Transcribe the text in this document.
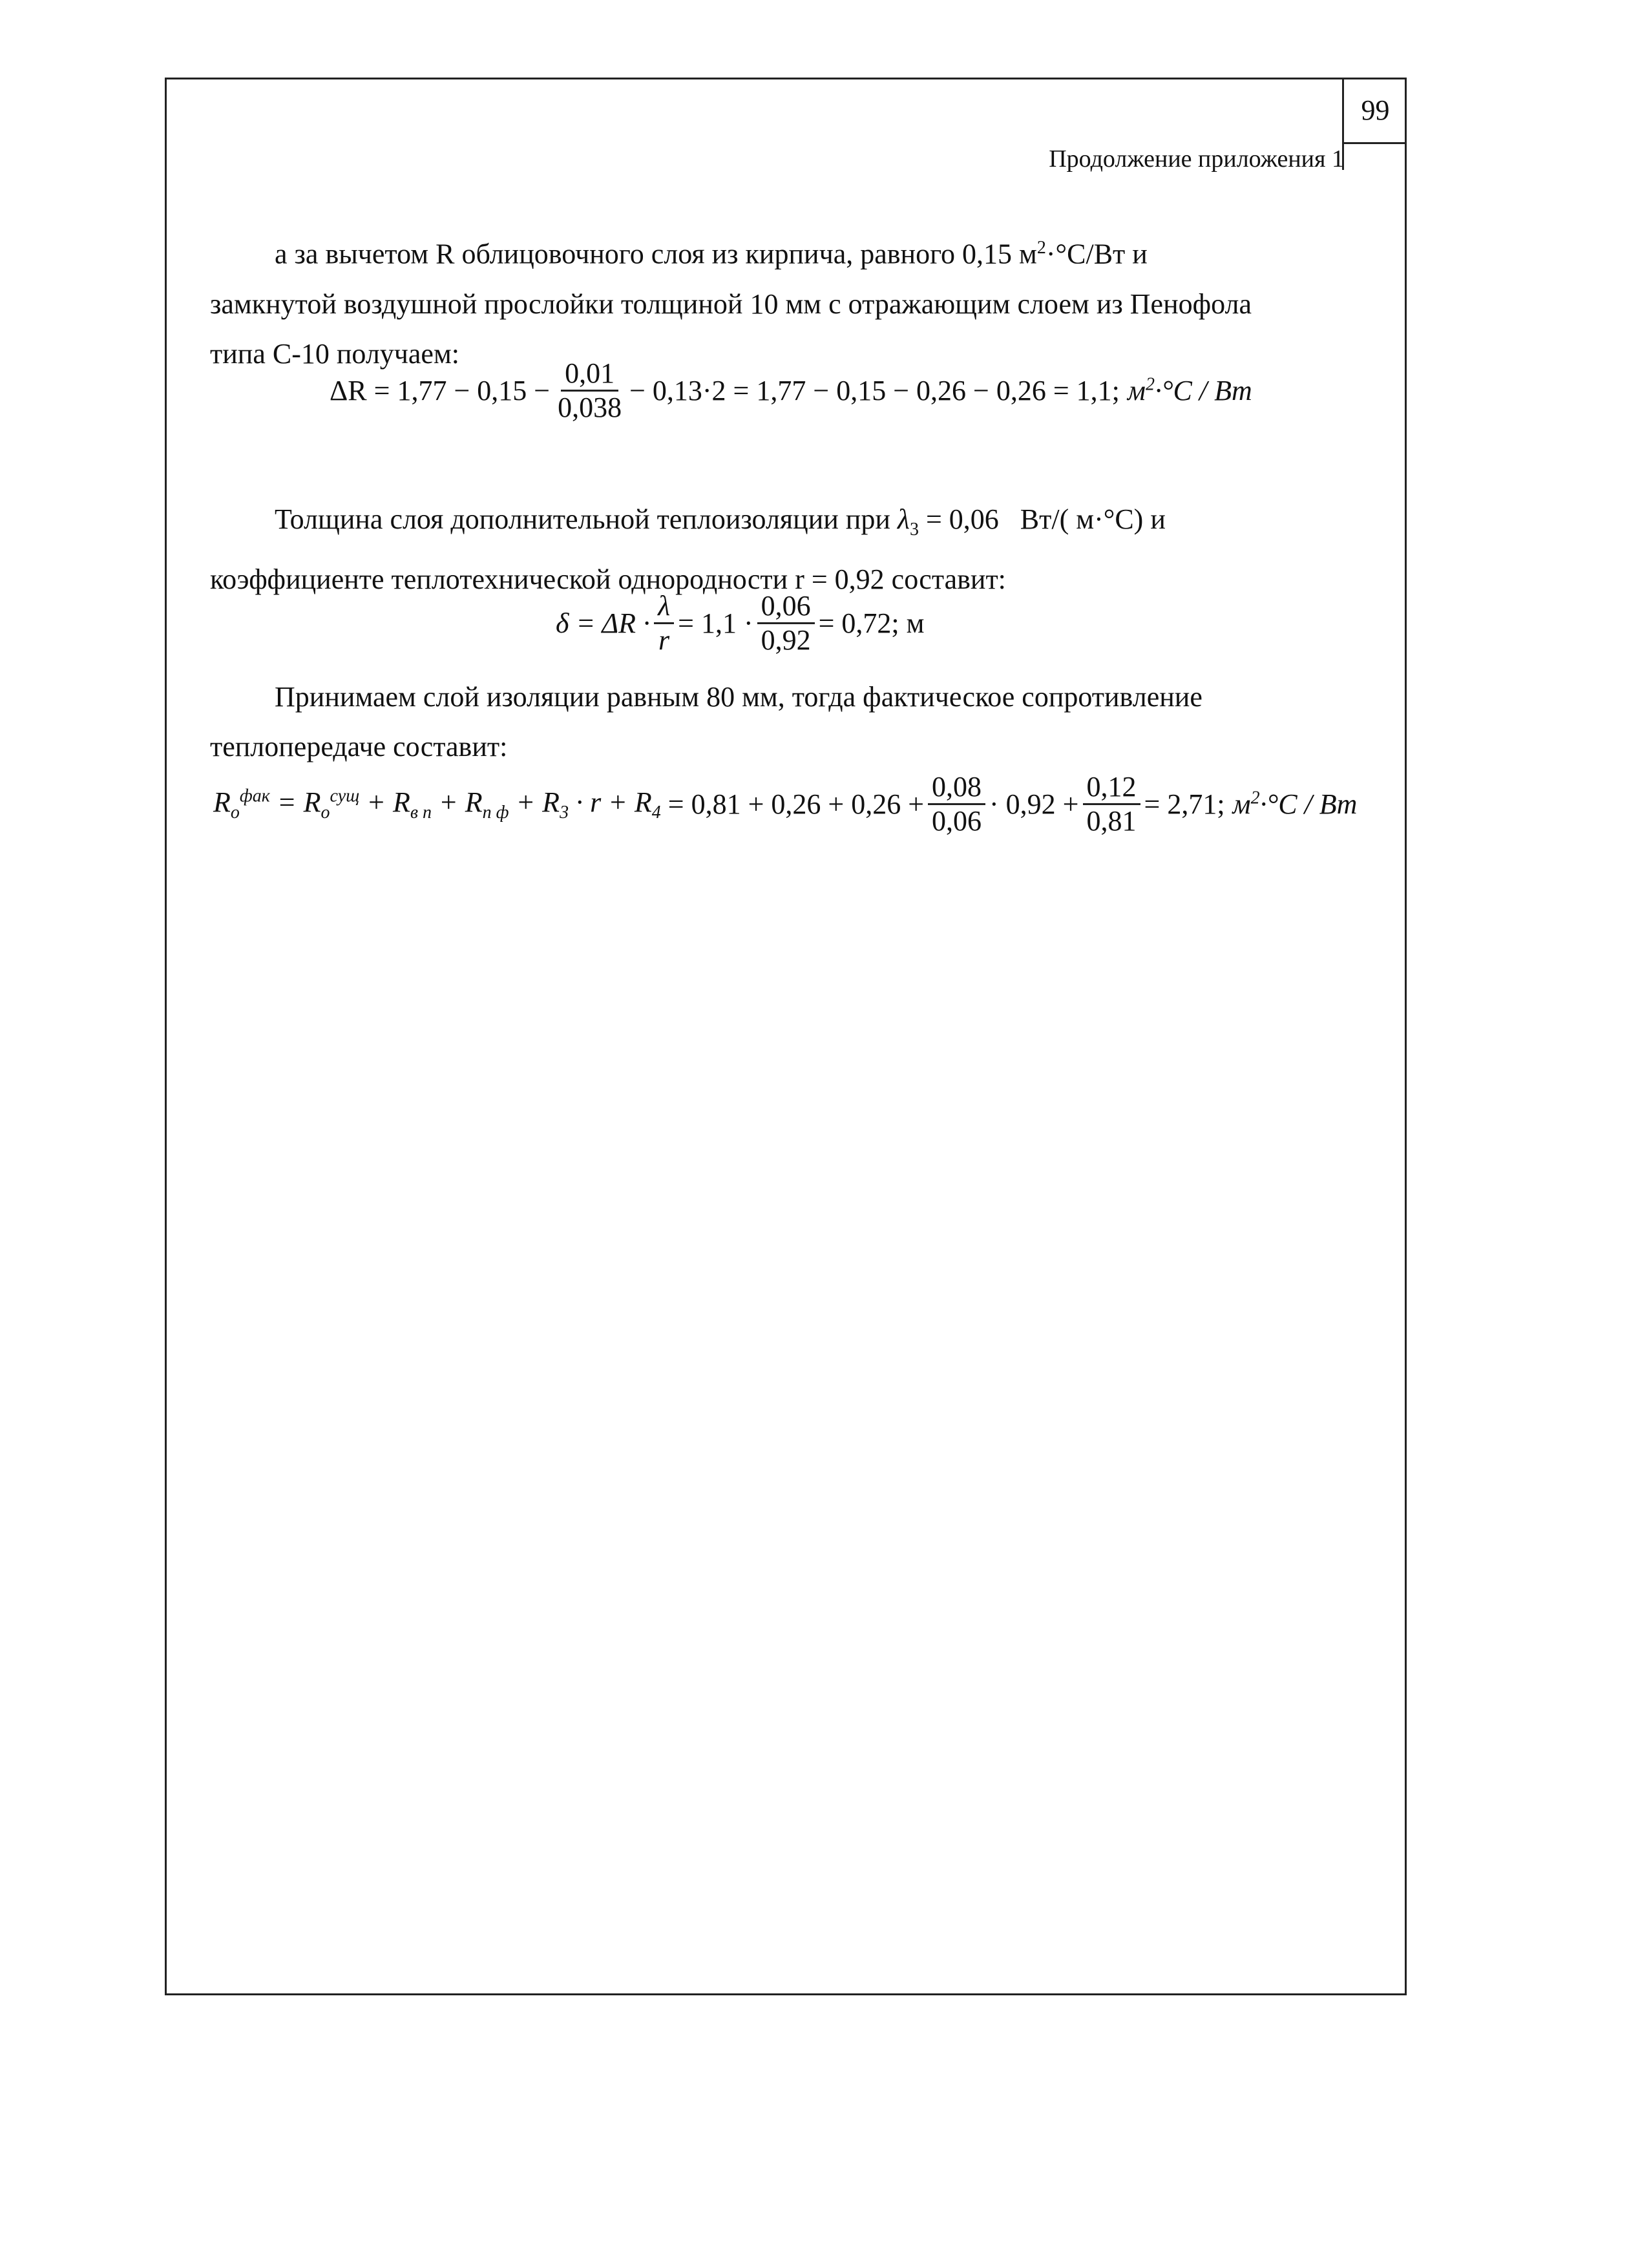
99
Продолжение приложения 1
а за вычетом R облицовочного слоя из кирпича, равного 0,15 $м^2\cdot^\circ С/Вт$ и
замкнутой воздушной прослойки толщиной 10 мм с отражающим слоем из Пенофола
типа С-10 получаем:
$\Delta R = 1,77 - 0,15 - \frac{0,01}{0,038} - 0,13\cdot 2 = 1,77 - 0,15 - 0,26 - 0,26 = 1,1$; $м^2\cdot^\circ C$ / Bт
Толщина слоя дополнительной теплоизоляции при $\lambda_3 = 0,06$   Вт/( м·°С) и
коэффициенте теплотехнической однородности r = 0,92 составит:
$\delta = \Delta R \cdot \frac{\lambda}{r} = 1,1 \cdot \frac{0,06}{0,92} = 0,72$; м
Принимаем слой изоляции равным 80 мм, тогда фактическое сопротивление
теплопередаче составит:
$R_o^{фак} = R_o^{сущ} + R_{в п} + R_{п ф} + R_3 \cdot r + R_4 = 0,81 + 0,26 + 0,26 + \frac{0,08}{0,06} \cdot 0,92 + \frac{0,12}{0,81} = 2,71$; $м^2\cdot^\circ C$ / Bт
